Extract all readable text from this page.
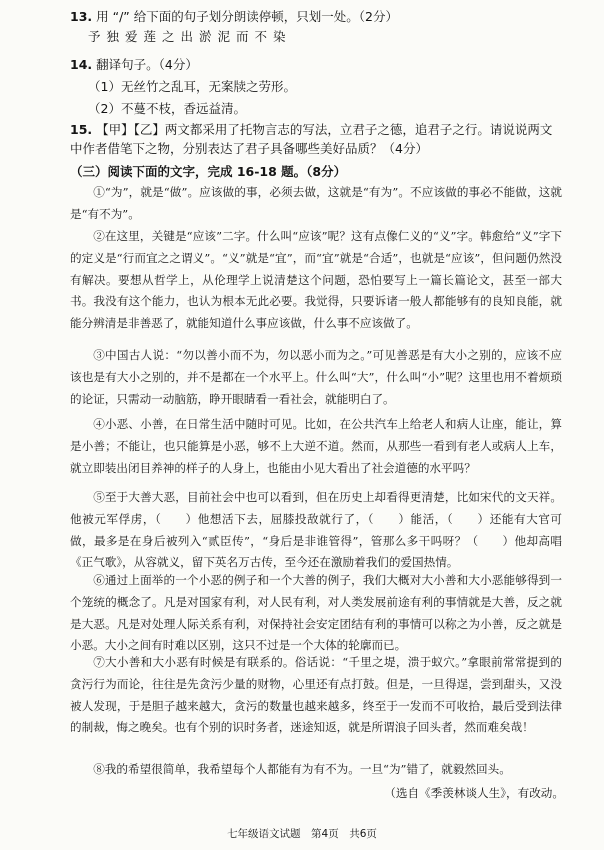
13. 用 “/” 给下面的句子划分朗读停顿，只划一处。（2分）
予独爱莲之出淤泥而不染
14. 翻译句子。（4分）
（1）无丝竹之乱耳，无案牍之劳形。
（2）不蔓不枝，香远益清。
15. 【甲】【乙】两文都采用了托物言志的写法，立君子之德，追君子之行。请说说两文中作者借笔下之物，分别表达了君子具备哪些美好品质？（4分）
（三）阅读下面的文字，完成 16-18 题。（8分）
①“为”，就是“做”。应该做的事，必须去做，这就是“有为”。不应该做的事必不能做，这就是“有不为”。
②在这里，关键是“应该”二字。什么叫“应该”呢？这有点像仁义的“义”字。韩愈给“义”字下的定义是“行而宜之之谓义”。“义”就是“宜”，而“宜”就是“合适”，也就是“应该”，但问题仍然没有解决。要想从哲学上，从伦理学上说清楚这个问题，恐怕要写上一篇长篇论文，甚至一部大书。我没有这个能力，也认为根本无此必要。我觉得，只要诉诸一般人都能够有的良知良能，就能分辨清是非善恶了，就能知道什么事应该做，什么事不应该做了。
③中国古人说：“勿以善小而不为，勿以恶小而为之。”可见善恶是有大小之别的，应该不应该也是有大小之别的，并不是都在一个水平上。什么叫“大”，什么叫“小”呢？这里也用不着烦琐的论证，只需动一动脑筋，睁开眼睛看一看社会，就能明白了。
④小恶、小善，在日常生活中随时可见。比如，在公共汽车上给老人和病人让座，能让，算是小善；不能让，也只能算是小恶，够不上大逆不道。然而，从那些一看到有老人或病人上车，就立即装出闭目养神的样子的人身上，也能由小见大看出了社会道德的水平吗？
⑤至于大善大恶，目前社会中也可以看到，但在历史上却看得更清楚，比如宋代的文天祥。他被元军俘虏，（　　）他想活下去，屈膝投敌就行了，（　　）能活，（　　）还能有大官可做，最多是在身后被列入“贰臣传”，“身后是非谁管得”，管那么多干吗呀？（　　）他却高唱《正气歌》，从容就义，留下英名万古传，至今还在激励着我们的爱国热情。
⑥通过上面举的一个小恶的例子和一个大善的例子，我们大概对大小善和大小恶能够得到一个笼统的概念了。凡是对国家有利，对人民有利，对人类发展前途有利的事情就是大善，反之就是大恶。凡是对处理人际关系有利，对保持社会安定团结有利的事情可以称之为小善，反之就是小恶。大小之间有时难以区别，这只不过是一个大体的轮廓而已。
⑦大小善和大小恶有时候是有联系的。俗话说：“千里之堤，溃于蚁穴。”拿眼前常常提到的贪污行为而论，往往是先贪污少量的财物，心里还有点打鼓。但是，一旦得逞，尝到甜头，又没被人发现，于是胆子越来越大，贪污的数量也越来越多，终至于一发而不可收拾，最后受到法律的制裁，悔之晚矣。也有个别的识时务者，迷途知返，就是所谓浪子回头者，然而难矣哉！
⑧我的希望很简单，我希望每个人都能有为有不为。一旦“为”错了，就毅然回头。
（选自《季羡林谈人生》，有改动。
七年级语文试题　第4页　共6页
